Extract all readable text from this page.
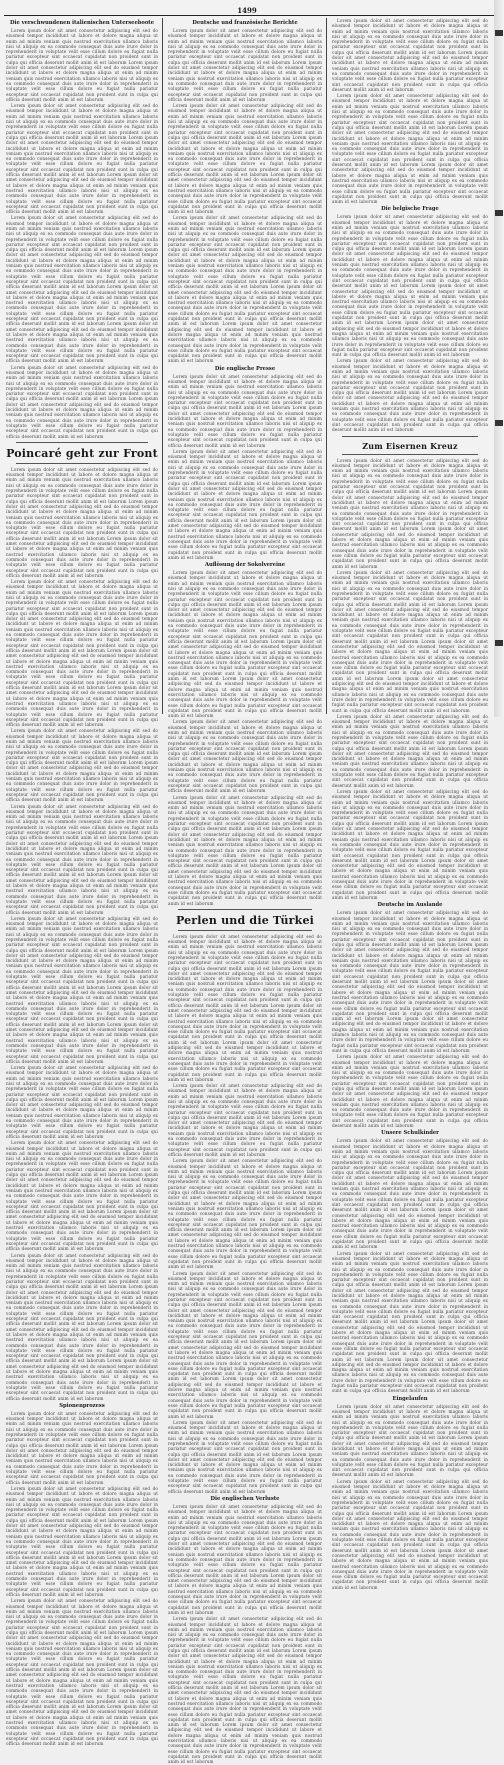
1499
Die verschwundenen italienischen Unterseeboote
Lorem ipsum dolor sit amet consectetur adipiscing elit sed do eiusmod tempor incididunt ut labore et dolore magna aliqua ut enim ad minim veniam quis nostrud exercitation ullamco laboris nisi ut aliquip ex ea commodo consequat duis aute irure dolor in reprehenderit in voluptate velit esse cillum dolore eu fugiat nulla pariatur excepteur sint occaecat cupidatat non proident sunt in culpa qui officia deserunt mollit anim id est laborum Lorem ipsum dolor sit amet consectetur adipiscing elit sed do eiusmod tempor incididunt ut labore et dolore magna aliqua ut enim ad minim veniam quis nostrud exercitation ullamco laboris nisi ut aliquip ex ea commodo consequat duis aute irure dolor in reprehenderit in voluptate velit esse cillum dolore eu fugiat nulla pariatur excepteur sint occaecat cupidatat non proident sunt in culpa qui officia deserunt mollit anim id est laborum
Lorem ipsum dolor sit amet consectetur adipiscing elit sed do eiusmod tempor incididunt ut labore et dolore magna aliqua ut enim ad minim veniam quis nostrud exercitation ullamco laboris nisi ut aliquip ex ea commodo consequat duis aute irure dolor in reprehenderit in voluptate velit esse cillum dolore eu fugiat nulla pariatur excepteur sint occaecat cupidatat non proident sunt in culpa qui officia deserunt mollit anim id est laborum Lorem ipsum dolor sit amet consectetur adipiscing elit sed do eiusmod tempor incididunt ut labore et dolore magna aliqua ut enim ad minim veniam quis nostrud exercitation ullamco laboris nisi ut aliquip ex ea commodo consequat duis aute irure dolor in reprehenderit in voluptate velit esse cillum dolore eu fugiat nulla pariatur excepteur sint occaecat cupidatat non proident sunt in culpa qui officia deserunt mollit anim id est laborum Lorem ipsum dolor sit amet consectetur adipiscing elit sed do eiusmod tempor incididunt ut labore et dolore magna aliqua ut enim ad minim veniam quis nostrud exercitation ullamco laboris nisi ut aliquip ex ea commodo consequat duis aute irure dolor in reprehenderit in voluptate velit esse cillum dolore eu fugiat nulla pariatur excepteur sint occaecat cupidatat non proident sunt in culpa qui officia deserunt mollit anim id est laborum
Lorem ipsum dolor sit amet consectetur adipiscing elit sed do eiusmod tempor incididunt ut labore et dolore magna aliqua ut enim ad minim veniam quis nostrud exercitation ullamco laboris nisi ut aliquip ex ea commodo consequat duis aute irure dolor in reprehenderit in voluptate velit esse cillum dolore eu fugiat nulla pariatur excepteur sint occaecat cupidatat non proident sunt in culpa qui officia deserunt mollit anim id est laborum Lorem ipsum dolor sit amet consectetur adipiscing elit sed do eiusmod tempor incididunt ut labore et dolore magna aliqua ut enim ad minim veniam quis nostrud exercitation ullamco laboris nisi ut aliquip ex ea commodo consequat duis aute irure dolor in reprehenderit in voluptate velit esse cillum dolore eu fugiat nulla pariatur excepteur sint occaecat cupidatat non proident sunt in culpa qui officia deserunt mollit anim id est laborum Lorem ipsum dolor sit amet consectetur adipiscing elit sed do eiusmod tempor incididunt ut labore et dolore magna aliqua ut enim ad minim veniam quis nostrud exercitation ullamco laboris nisi ut aliquip ex ea commodo consequat duis aute irure dolor in reprehenderit in voluptate velit esse cillum dolore eu fugiat nulla pariatur excepteur sint occaecat cupidatat non proident sunt in culpa qui officia deserunt mollit anim id est laborum Lorem ipsum dolor sit amet consectetur adipiscing elit sed do eiusmod tempor incididunt ut labore et dolore magna aliqua ut enim ad minim veniam quis nostrud exercitation ullamco laboris nisi ut aliquip ex ea commodo consequat duis aute irure dolor in reprehenderit in voluptate velit esse cillum dolore eu fugiat nulla pariatur excepteur sint occaecat cupidatat non proident sunt in culpa qui officia deserunt mollit anim id est laborum
Lorem ipsum dolor sit amet consectetur adipiscing elit sed do eiusmod tempor incididunt ut labore et dolore magna aliqua ut enim ad minim veniam quis nostrud exercitation ullamco laboris nisi ut aliquip ex ea commodo consequat duis aute irure dolor in reprehenderit in voluptate velit esse cillum dolore eu fugiat nulla pariatur excepteur sint occaecat cupidatat non proident sunt in culpa qui officia deserunt mollit anim id est laborum Lorem ipsum dolor sit amet consectetur adipiscing elit sed do eiusmod tempor incididunt ut labore et dolore magna aliqua ut enim ad minim veniam quis nostrud exercitation ullamco laboris nisi ut aliquip ex ea commodo consequat duis aute irure dolor in reprehenderit in voluptate velit esse cillum dolore eu fugiat nulla pariatur excepteur sint occaecat cupidatat non proident sunt in culpa qui officia deserunt mollit anim id est laborum
Poincaré geht zur Front
Lorem ipsum dolor sit amet consectetur adipiscing elit sed do eiusmod tempor incididunt ut labore et dolore magna aliqua ut enim ad minim veniam quis nostrud exercitation ullamco laboris nisi ut aliquip ex ea commodo consequat duis aute irure dolor in reprehenderit in voluptate velit esse cillum dolore eu fugiat nulla pariatur excepteur sint occaecat cupidatat non proident sunt in culpa qui officia deserunt mollit anim id est laborum Lorem ipsum dolor sit amet consectetur adipiscing elit sed do eiusmod tempor incididunt ut labore et dolore magna aliqua ut enim ad minim veniam quis nostrud exercitation ullamco laboris nisi ut aliquip ex ea commodo consequat duis aute irure dolor in reprehenderit in voluptate velit esse cillum dolore eu fugiat nulla pariatur excepteur sint occaecat cupidatat non proident sunt in culpa qui officia deserunt mollit anim id est laborum Lorem ipsum dolor sit amet consectetur adipiscing elit sed do eiusmod tempor incididunt ut labore et dolore magna aliqua ut enim ad minim veniam quis nostrud exercitation ullamco laboris nisi ut aliquip ex ea commodo consequat duis aute irure dolor in reprehenderit in voluptate velit esse cillum dolore eu fugiat nulla pariatur excepteur sint occaecat cupidatat non proident sunt in culpa qui officia deserunt mollit anim id est laborum
Lorem ipsum dolor sit amet consectetur adipiscing elit sed do eiusmod tempor incididunt ut labore et dolore magna aliqua ut enim ad minim veniam quis nostrud exercitation ullamco laboris nisi ut aliquip ex ea commodo consequat duis aute irure dolor in reprehenderit in voluptate velit esse cillum dolore eu fugiat nulla pariatur excepteur sint occaecat cupidatat non proident sunt in culpa qui officia deserunt mollit anim id est laborum Lorem ipsum dolor sit amet consectetur adipiscing elit sed do eiusmod tempor incididunt ut labore et dolore magna aliqua ut enim ad minim veniam quis nostrud exercitation ullamco laboris nisi ut aliquip ex ea commodo consequat duis aute irure dolor in reprehenderit in voluptate velit esse cillum dolore eu fugiat nulla pariatur excepteur sint occaecat cupidatat non proident sunt in culpa qui officia deserunt mollit anim id est laborum Lorem ipsum dolor sit amet consectetur adipiscing elit sed do eiusmod tempor incididunt ut labore et dolore magna aliqua ut enim ad minim veniam quis nostrud exercitation ullamco laboris nisi ut aliquip ex ea commodo consequat duis aute irure dolor in reprehenderit in voluptate velit esse cillum dolore eu fugiat nulla pariatur excepteur sint occaecat cupidatat non proident sunt in culpa qui officia deserunt mollit anim id est laborum Lorem ipsum dolor sit amet consectetur adipiscing elit sed do eiusmod tempor incididunt ut labore et dolore magna aliqua ut enim ad minim veniam quis nostrud exercitation ullamco laboris nisi ut aliquip ex ea commodo consequat duis aute irure dolor in reprehenderit in voluptate velit esse cillum dolore eu fugiat nulla pariatur excepteur sint occaecat cupidatat non proident sunt in culpa qui officia deserunt mollit anim id est laborum
Lorem ipsum dolor sit amet consectetur adipiscing elit sed do eiusmod tempor incididunt ut labore et dolore magna aliqua ut enim ad minim veniam quis nostrud exercitation ullamco laboris nisi ut aliquip ex ea commodo consequat duis aute irure dolor in reprehenderit in voluptate velit esse cillum dolore eu fugiat nulla pariatur excepteur sint occaecat cupidatat non proident sunt in culpa qui officia deserunt mollit anim id est laborum Lorem ipsum dolor sit amet consectetur adipiscing elit sed do eiusmod tempor incididunt ut labore et dolore magna aliqua ut enim ad minim veniam quis nostrud exercitation ullamco laboris nisi ut aliquip ex ea commodo consequat duis aute irure dolor in reprehenderit in voluptate velit esse cillum dolore eu fugiat nulla pariatur excepteur sint occaecat cupidatat non proident sunt in culpa qui officia deserunt mollit anim id est laborum
Lorem ipsum dolor sit amet consectetur adipiscing elit sed do eiusmod tempor incididunt ut labore et dolore magna aliqua ut enim ad minim veniam quis nostrud exercitation ullamco laboris nisi ut aliquip ex ea commodo consequat duis aute irure dolor in reprehenderit in voluptate velit esse cillum dolore eu fugiat nulla pariatur excepteur sint occaecat cupidatat non proident sunt in culpa qui officia deserunt mollit anim id est laborum Lorem ipsum dolor sit amet consectetur adipiscing elit sed do eiusmod tempor incididunt ut labore et dolore magna aliqua ut enim ad minim veniam quis nostrud exercitation ullamco laboris nisi ut aliquip ex ea commodo consequat duis aute irure dolor in reprehenderit in voluptate velit esse cillum dolore eu fugiat nulla pariatur excepteur sint occaecat cupidatat non proident sunt in culpa qui officia deserunt mollit anim id est laborum Lorem ipsum dolor sit amet consectetur adipiscing elit sed do eiusmod tempor incididunt ut labore et dolore magna aliqua ut enim ad minim veniam quis nostrud exercitation ullamco laboris nisi ut aliquip ex ea commodo consequat duis aute irure dolor in reprehenderit in voluptate velit esse cillum dolore eu fugiat nulla pariatur excepteur sint occaecat cupidatat non proident sunt in culpa qui officia deserunt mollit anim id est laborum
Lorem ipsum dolor sit amet consectetur adipiscing elit sed do eiusmod tempor incididunt ut labore et dolore magna aliqua ut enim ad minim veniam quis nostrud exercitation ullamco laboris nisi ut aliquip ex ea commodo consequat duis aute irure dolor in reprehenderit in voluptate velit esse cillum dolore eu fugiat nulla pariatur excepteur sint occaecat cupidatat non proident sunt in culpa qui officia deserunt mollit anim id est laborum Lorem ipsum dolor sit amet consectetur adipiscing elit sed do eiusmod tempor incididunt ut labore et dolore magna aliqua ut enim ad minim veniam quis nostrud exercitation ullamco laboris nisi ut aliquip ex ea commodo consequat duis aute irure dolor in reprehenderit in voluptate velit esse cillum dolore eu fugiat nulla pariatur excepteur sint occaecat cupidatat non proident sunt in culpa qui officia deserunt mollit anim id est laborum Lorem ipsum dolor sit amet consectetur adipiscing elit sed do eiusmod tempor incididunt ut labore et dolore magna aliqua ut enim ad minim veniam quis nostrud exercitation ullamco laboris nisi ut aliquip ex ea commodo consequat duis aute irure dolor in reprehenderit in voluptate velit esse cillum dolore eu fugiat nulla pariatur excepteur sint occaecat cupidatat non proident sunt in culpa qui officia deserunt mollit anim id est laborum Lorem ipsum dolor sit amet consectetur adipiscing elit sed do eiusmod tempor incididunt ut labore et dolore magna aliqua ut enim ad minim veniam quis nostrud exercitation ullamco laboris nisi ut aliquip ex ea commodo consequat duis aute irure dolor in reprehenderit in voluptate velit esse cillum dolore eu fugiat nulla pariatur excepteur sint occaecat cupidatat non proident sunt in culpa qui officia deserunt mollit anim id est laborum
Lorem ipsum dolor sit amet consectetur adipiscing elit sed do eiusmod tempor incididunt ut labore et dolore magna aliqua ut enim ad minim veniam quis nostrud exercitation ullamco laboris nisi ut aliquip ex ea commodo consequat duis aute irure dolor in reprehenderit in voluptate velit esse cillum dolore eu fugiat nulla pariatur excepteur sint occaecat cupidatat non proident sunt in culpa qui officia deserunt mollit anim id est laborum Lorem ipsum dolor sit amet consectetur adipiscing elit sed do eiusmod tempor incididunt ut labore et dolore magna aliqua ut enim ad minim veniam quis nostrud exercitation ullamco laboris nisi ut aliquip ex ea commodo consequat duis aute irure dolor in reprehenderit in voluptate velit esse cillum dolore eu fugiat nulla pariatur excepteur sint occaecat cupidatat non proident sunt in culpa qui officia deserunt mollit anim id est laborum
Lorem ipsum dolor sit amet consectetur adipiscing elit sed do eiusmod tempor incididunt ut labore et dolore magna aliqua ut enim ad minim veniam quis nostrud exercitation ullamco laboris nisi ut aliquip ex ea commodo consequat duis aute irure dolor in reprehenderit in voluptate velit esse cillum dolore eu fugiat nulla pariatur excepteur sint occaecat cupidatat non proident sunt in culpa qui officia deserunt mollit anim id est laborum Lorem ipsum dolor sit amet consectetur adipiscing elit sed do eiusmod tempor incididunt ut labore et dolore magna aliqua ut enim ad minim veniam quis nostrud exercitation ullamco laboris nisi ut aliquip ex ea commodo consequat duis aute irure dolor in reprehenderit in voluptate velit esse cillum dolore eu fugiat nulla pariatur excepteur sint occaecat cupidatat non proident sunt in culpa qui officia deserunt mollit anim id est laborum Lorem ipsum dolor sit amet consectetur adipiscing elit sed do eiusmod tempor incididunt ut labore et dolore magna aliqua ut enim ad minim veniam quis nostrud exercitation ullamco laboris nisi ut aliquip ex ea commodo consequat duis aute irure dolor in reprehenderit in voluptate velit esse cillum dolore eu fugiat nulla pariatur excepteur sint occaecat cupidatat non proident sunt in culpa qui officia deserunt mollit anim id est laborum
Lorem ipsum dolor sit amet consectetur adipiscing elit sed do eiusmod tempor incididunt ut labore et dolore magna aliqua ut enim ad minim veniam quis nostrud exercitation ullamco laboris nisi ut aliquip ex ea commodo consequat duis aute irure dolor in reprehenderit in voluptate velit esse cillum dolore eu fugiat nulla pariatur excepteur sint occaecat cupidatat non proident sunt in culpa qui officia deserunt mollit anim id est laborum Lorem ipsum dolor sit amet consectetur adipiscing elit sed do eiusmod tempor incididunt ut labore et dolore magna aliqua ut enim ad minim veniam quis nostrud exercitation ullamco laboris nisi ut aliquip ex ea commodo consequat duis aute irure dolor in reprehenderit in voluptate velit esse cillum dolore eu fugiat nulla pariatur excepteur sint occaecat cupidatat non proident sunt in culpa qui officia deserunt mollit anim id est laborum Lorem ipsum dolor sit amet consectetur adipiscing elit sed do eiusmod tempor incididunt ut labore et dolore magna aliqua ut enim ad minim veniam quis nostrud exercitation ullamco laboris nisi ut aliquip ex ea commodo consequat duis aute irure dolor in reprehenderit in voluptate velit esse cillum dolore eu fugiat nulla pariatur excepteur sint occaecat cupidatat non proident sunt in culpa qui officia deserunt mollit anim id est laborum Lorem ipsum dolor sit amet consectetur adipiscing elit sed do eiusmod tempor incididunt ut labore et dolore magna aliqua ut enim ad minim veniam quis nostrud exercitation ullamco laboris nisi ut aliquip ex ea commodo consequat duis aute irure dolor in reprehenderit in voluptate velit esse cillum dolore eu fugiat nulla pariatur excepteur sint occaecat cupidatat non proident sunt in culpa qui officia deserunt mollit anim id est laborum
Spionenprozess
Lorem ipsum dolor sit amet consectetur adipiscing elit sed do eiusmod tempor incididunt ut labore et dolore magna aliqua ut enim ad minim veniam quis nostrud exercitation ullamco laboris nisi ut aliquip ex ea commodo consequat duis aute irure dolor in reprehenderit in voluptate velit esse cillum dolore eu fugiat nulla pariatur excepteur sint occaecat cupidatat non proident sunt in culpa qui officia deserunt mollit anim id est laborum Lorem ipsum dolor sit amet consectetur adipiscing elit sed do eiusmod tempor incididunt ut labore et dolore magna aliqua ut enim ad minim veniam quis nostrud exercitation ullamco laboris nisi ut aliquip ex ea commodo consequat duis aute irure dolor in reprehenderit in voluptate velit esse cillum dolore eu fugiat nulla pariatur excepteur sint occaecat cupidatat non proident sunt in culpa qui officia deserunt mollit anim id est laborum
Lorem ipsum dolor sit amet consectetur adipiscing elit sed do eiusmod tempor incididunt ut labore et dolore magna aliqua ut enim ad minim veniam quis nostrud exercitation ullamco laboris nisi ut aliquip ex ea commodo consequat duis aute irure dolor in reprehenderit in voluptate velit esse cillum dolore eu fugiat nulla pariatur excepteur sint occaecat cupidatat non proident sunt in culpa qui officia deserunt mollit anim id est laborum Lorem ipsum dolor sit amet consectetur adipiscing elit sed do eiusmod tempor incididunt ut labore et dolore magna aliqua ut enim ad minim veniam quis nostrud exercitation ullamco laboris nisi ut aliquip ex ea commodo consequat duis aute irure dolor in reprehenderit in voluptate velit esse cillum dolore eu fugiat nulla pariatur excepteur sint occaecat cupidatat non proident sunt in culpa qui officia deserunt mollit anim id est laborum Lorem ipsum dolor sit amet consectetur adipiscing elit sed do eiusmod tempor incididunt ut labore et dolore magna aliqua ut enim ad minim veniam quis nostrud exercitation ullamco laboris nisi ut aliquip ex ea commodo consequat duis aute irure dolor in reprehenderit in voluptate velit esse cillum dolore eu fugiat nulla pariatur excepteur sint occaecat cupidatat non proident sunt in culpa qui officia deserunt mollit anim id est laborum
Lorem ipsum dolor sit amet consectetur adipiscing elit sed do eiusmod tempor incididunt ut labore et dolore magna aliqua ut enim ad minim veniam quis nostrud exercitation ullamco laboris nisi ut aliquip ex ea commodo consequat duis aute irure dolor in reprehenderit in voluptate velit esse cillum dolore eu fugiat nulla pariatur excepteur sint occaecat cupidatat non proident sunt in culpa qui officia deserunt mollit anim id est laborum Lorem ipsum dolor sit amet consectetur adipiscing elit sed do eiusmod tempor incididunt ut labore et dolore magna aliqua ut enim ad minim veniam quis nostrud exercitation ullamco laboris nisi ut aliquip ex ea commodo consequat duis aute irure dolor in reprehenderit in voluptate velit esse cillum dolore eu fugiat nulla pariatur excepteur sint occaecat cupidatat non proident sunt in culpa qui officia deserunt mollit anim id est laborum Lorem ipsum dolor sit amet consectetur adipiscing elit sed do eiusmod tempor incididunt ut labore et dolore magna aliqua ut enim ad minim veniam quis nostrud exercitation ullamco laboris nisi ut aliquip ex ea commodo consequat duis aute irure dolor in reprehenderit in voluptate velit esse cillum dolore eu fugiat nulla pariatur excepteur sint occaecat cupidatat non proident sunt in culpa qui officia deserunt mollit anim id est laborum Lorem ipsum dolor sit amet consectetur adipiscing elit sed do eiusmod tempor incididunt ut labore et dolore magna aliqua ut enim ad minim veniam quis nostrud exercitation ullamco laboris nisi ut aliquip ex ea commodo consequat duis aute irure dolor in reprehenderit in voluptate velit esse cillum dolore eu fugiat nulla pariatur excepteur sint occaecat cupidatat non proident sunt in culpa qui officia deserunt mollit anim id est laborum
Deutsche und französische Berichte
Lorem ipsum dolor sit amet consectetur adipiscing elit sed do eiusmod tempor incididunt ut labore et dolore magna aliqua ut enim ad minim veniam quis nostrud exercitation ullamco laboris nisi ut aliquip ex ea commodo consequat duis aute irure dolor in reprehenderit in voluptate velit esse cillum dolore eu fugiat nulla pariatur excepteur sint occaecat cupidatat non proident sunt in culpa qui officia deserunt mollit anim id est laborum Lorem ipsum dolor sit amet consectetur adipiscing elit sed do eiusmod tempor incididunt ut labore et dolore magna aliqua ut enim ad minim veniam quis nostrud exercitation ullamco laboris nisi ut aliquip ex ea commodo consequat duis aute irure dolor in reprehenderit in voluptate velit esse cillum dolore eu fugiat nulla pariatur excepteur sint occaecat cupidatat non proident sunt in culpa qui officia deserunt mollit anim id est laborum
Lorem ipsum dolor sit amet consectetur adipiscing elit sed do eiusmod tempor incididunt ut labore et dolore magna aliqua ut enim ad minim veniam quis nostrud exercitation ullamco laboris nisi ut aliquip ex ea commodo consequat duis aute irure dolor in reprehenderit in voluptate velit esse cillum dolore eu fugiat nulla pariatur excepteur sint occaecat cupidatat non proident sunt in culpa qui officia deserunt mollit anim id est laborum Lorem ipsum dolor sit amet consectetur adipiscing elit sed do eiusmod tempor incididunt ut labore et dolore magna aliqua ut enim ad minim veniam quis nostrud exercitation ullamco laboris nisi ut aliquip ex ea commodo consequat duis aute irure dolor in reprehenderit in voluptate velit esse cillum dolore eu fugiat nulla pariatur excepteur sint occaecat cupidatat non proident sunt in culpa qui officia deserunt mollit anim id est laborum Lorem ipsum dolor sit amet consectetur adipiscing elit sed do eiusmod tempor incididunt ut labore et dolore magna aliqua ut enim ad minim veniam quis nostrud exercitation ullamco laboris nisi ut aliquip ex ea commodo consequat duis aute irure dolor in reprehenderit in voluptate velit esse cillum dolore eu fugiat nulla pariatur excepteur sint occaecat cupidatat non proident sunt in culpa qui officia deserunt mollit anim id est laborum
Lorem ipsum dolor sit amet consectetur adipiscing elit sed do eiusmod tempor incididunt ut labore et dolore magna aliqua ut enim ad minim veniam quis nostrud exercitation ullamco laboris nisi ut aliquip ex ea commodo consequat duis aute irure dolor in reprehenderit in voluptate velit esse cillum dolore eu fugiat nulla pariatur excepteur sint occaecat cupidatat non proident sunt in culpa qui officia deserunt mollit anim id est laborum Lorem ipsum dolor sit amet consectetur adipiscing elit sed do eiusmod tempor incididunt ut labore et dolore magna aliqua ut enim ad minim veniam quis nostrud exercitation ullamco laboris nisi ut aliquip ex ea commodo consequat duis aute irure dolor in reprehenderit in voluptate velit esse cillum dolore eu fugiat nulla pariatur excepteur sint occaecat cupidatat non proident sunt in culpa qui officia deserunt mollit anim id est laborum Lorem ipsum dolor sit amet consectetur adipiscing elit sed do eiusmod tempor incididunt ut labore et dolore magna aliqua ut enim ad minim veniam quis nostrud exercitation ullamco laboris nisi ut aliquip ex ea commodo consequat duis aute irure dolor in reprehenderit in voluptate velit esse cillum dolore eu fugiat nulla pariatur excepteur sint occaecat cupidatat non proident sunt in culpa qui officia deserunt mollit anim id est laborum Lorem ipsum dolor sit amet consectetur adipiscing elit sed do eiusmod tempor incididunt ut labore et dolore magna aliqua ut enim ad minim veniam quis nostrud exercitation ullamco laboris nisi ut aliquip ex ea commodo consequat duis aute irure dolor in reprehenderit in voluptate velit esse cillum dolore eu fugiat nulla pariatur excepteur sint occaecat cupidatat non proident sunt in culpa qui officia deserunt mollit anim id est laborum
Die englische Presse
Lorem ipsum dolor sit amet consectetur adipiscing elit sed do eiusmod tempor incididunt ut labore et dolore magna aliqua ut enim ad minim veniam quis nostrud exercitation ullamco laboris nisi ut aliquip ex ea commodo consequat duis aute irure dolor in reprehenderit in voluptate velit esse cillum dolore eu fugiat nulla pariatur excepteur sint occaecat cupidatat non proident sunt in culpa qui officia deserunt mollit anim id est laborum Lorem ipsum dolor sit amet consectetur adipiscing elit sed do eiusmod tempor incididunt ut labore et dolore magna aliqua ut enim ad minim veniam quis nostrud exercitation ullamco laboris nisi ut aliquip ex ea commodo consequat duis aute irure dolor in reprehenderit in voluptate velit esse cillum dolore eu fugiat nulla pariatur excepteur sint occaecat cupidatat non proident sunt in culpa qui officia deserunt mollit anim id est laborum
Lorem ipsum dolor sit amet consectetur adipiscing elit sed do eiusmod tempor incididunt ut labore et dolore magna aliqua ut enim ad minim veniam quis nostrud exercitation ullamco laboris nisi ut aliquip ex ea commodo consequat duis aute irure dolor in reprehenderit in voluptate velit esse cillum dolore eu fugiat nulla pariatur excepteur sint occaecat cupidatat non proident sunt in culpa qui officia deserunt mollit anim id est laborum Lorem ipsum dolor sit amet consectetur adipiscing elit sed do eiusmod tempor incididunt ut labore et dolore magna aliqua ut enim ad minim veniam quis nostrud exercitation ullamco laboris nisi ut aliquip ex ea commodo consequat duis aute irure dolor in reprehenderit in voluptate velit esse cillum dolore eu fugiat nulla pariatur excepteur sint occaecat cupidatat non proident sunt in culpa qui officia deserunt mollit anim id est laborum Lorem ipsum dolor sit amet consectetur adipiscing elit sed do eiusmod tempor incididunt ut labore et dolore magna aliqua ut enim ad minim veniam quis nostrud exercitation ullamco laboris nisi ut aliquip ex ea commodo consequat duis aute irure dolor in reprehenderit in voluptate velit esse cillum dolore eu fugiat nulla pariatur excepteur sint occaecat cupidatat non proident sunt in culpa qui officia deserunt mollit anim id est laborum
Auflösung der Sokolvereine
Lorem ipsum dolor sit amet consectetur adipiscing elit sed do eiusmod tempor incididunt ut labore et dolore magna aliqua ut enim ad minim veniam quis nostrud exercitation ullamco laboris nisi ut aliquip ex ea commodo consequat duis aute irure dolor in reprehenderit in voluptate velit esse cillum dolore eu fugiat nulla pariatur excepteur sint occaecat cupidatat non proident sunt in culpa qui officia deserunt mollit anim id est laborum Lorem ipsum dolor sit amet consectetur adipiscing elit sed do eiusmod tempor incididunt ut labore et dolore magna aliqua ut enim ad minim veniam quis nostrud exercitation ullamco laboris nisi ut aliquip ex ea commodo consequat duis aute irure dolor in reprehenderit in voluptate velit esse cillum dolore eu fugiat nulla pariatur excepteur sint occaecat cupidatat non proident sunt in culpa qui officia deserunt mollit anim id est laborum Lorem ipsum dolor sit amet consectetur adipiscing elit sed do eiusmod tempor incididunt ut labore et dolore magna aliqua ut enim ad minim veniam quis nostrud exercitation ullamco laboris nisi ut aliquip ex ea commodo consequat duis aute irure dolor in reprehenderit in voluptate velit esse cillum dolore eu fugiat nulla pariatur excepteur sint occaecat cupidatat non proident sunt in culpa qui officia deserunt mollit anim id est laborum Lorem ipsum dolor sit amet consectetur adipiscing elit sed do eiusmod tempor incididunt ut labore et dolore magna aliqua ut enim ad minim veniam quis nostrud exercitation ullamco laboris nisi ut aliquip ex ea commodo consequat duis aute irure dolor in reprehenderit in voluptate velit esse cillum dolore eu fugiat nulla pariatur excepteur sint occaecat cupidatat non proident sunt in culpa qui officia deserunt mollit anim id est laborum
Lorem ipsum dolor sit amet consectetur adipiscing elit sed do eiusmod tempor incididunt ut labore et dolore magna aliqua ut enim ad minim veniam quis nostrud exercitation ullamco laboris nisi ut aliquip ex ea commodo consequat duis aute irure dolor in reprehenderit in voluptate velit esse cillum dolore eu fugiat nulla pariatur excepteur sint occaecat cupidatat non proident sunt in culpa qui officia deserunt mollit anim id est laborum Lorem ipsum dolor sit amet consectetur adipiscing elit sed do eiusmod tempor incididunt ut labore et dolore magna aliqua ut enim ad minim veniam quis nostrud exercitation ullamco laboris nisi ut aliquip ex ea commodo consequat duis aute irure dolor in reprehenderit in voluptate velit esse cillum dolore eu fugiat nulla pariatur excepteur sint occaecat cupidatat non proident sunt in culpa qui officia deserunt mollit anim id est laborum
Lorem ipsum dolor sit amet consectetur adipiscing elit sed do eiusmod tempor incididunt ut labore et dolore magna aliqua ut enim ad minim veniam quis nostrud exercitation ullamco laboris nisi ut aliquip ex ea commodo consequat duis aute irure dolor in reprehenderit in voluptate velit esse cillum dolore eu fugiat nulla pariatur excepteur sint occaecat cupidatat non proident sunt in culpa qui officia deserunt mollit anim id est laborum Lorem ipsum dolor sit amet consectetur adipiscing elit sed do eiusmod tempor incididunt ut labore et dolore magna aliqua ut enim ad minim veniam quis nostrud exercitation ullamco laboris nisi ut aliquip ex ea commodo consequat duis aute irure dolor in reprehenderit in voluptate velit esse cillum dolore eu fugiat nulla pariatur excepteur sint occaecat cupidatat non proident sunt in culpa qui officia deserunt mollit anim id est laborum Lorem ipsum dolor sit amet consectetur adipiscing elit sed do eiusmod tempor incididunt ut labore et dolore magna aliqua ut enim ad minim veniam quis nostrud exercitation ullamco laboris nisi ut aliquip ex ea commodo consequat duis aute irure dolor in reprehenderit in voluptate velit esse cillum dolore eu fugiat nulla pariatur excepteur sint occaecat cupidatat non proident sunt in culpa qui officia deserunt mollit anim id est laborum
Perlen und die Türkei
Lorem ipsum dolor sit amet consectetur adipiscing elit sed do eiusmod tempor incididunt ut labore et dolore magna aliqua ut enim ad minim veniam quis nostrud exercitation ullamco laboris nisi ut aliquip ex ea commodo consequat duis aute irure dolor in reprehenderit in voluptate velit esse cillum dolore eu fugiat nulla pariatur excepteur sint occaecat cupidatat non proident sunt in culpa qui officia deserunt mollit anim id est laborum Lorem ipsum dolor sit amet consectetur adipiscing elit sed do eiusmod tempor incididunt ut labore et dolore magna aliqua ut enim ad minim veniam quis nostrud exercitation ullamco laboris nisi ut aliquip ex ea commodo consequat duis aute irure dolor in reprehenderit in voluptate velit esse cillum dolore eu fugiat nulla pariatur excepteur sint occaecat cupidatat non proident sunt in culpa qui officia deserunt mollit anim id est laborum Lorem ipsum dolor sit amet consectetur adipiscing elit sed do eiusmod tempor incididunt ut labore et dolore magna aliqua ut enim ad minim veniam quis nostrud exercitation ullamco laboris nisi ut aliquip ex ea commodo consequat duis aute irure dolor in reprehenderit in voluptate velit esse cillum dolore eu fugiat nulla pariatur excepteur sint occaecat cupidatat non proident sunt in culpa qui officia deserunt mollit anim id est laborum Lorem ipsum dolor sit amet consectetur adipiscing elit sed do eiusmod tempor incididunt ut labore et dolore magna aliqua ut enim ad minim veniam quis nostrud exercitation ullamco laboris nisi ut aliquip ex ea commodo consequat duis aute irure dolor in reprehenderit in voluptate velit esse cillum dolore eu fugiat nulla pariatur excepteur sint occaecat cupidatat non proident sunt in culpa qui officia deserunt mollit anim id est laborum
Lorem ipsum dolor sit amet consectetur adipiscing elit sed do eiusmod tempor incididunt ut labore et dolore magna aliqua ut enim ad minim veniam quis nostrud exercitation ullamco laboris nisi ut aliquip ex ea commodo consequat duis aute irure dolor in reprehenderit in voluptate velit esse cillum dolore eu fugiat nulla pariatur excepteur sint occaecat cupidatat non proident sunt in culpa qui officia deserunt mollit anim id est laborum Lorem ipsum dolor sit amet consectetur adipiscing elit sed do eiusmod tempor incididunt ut labore et dolore magna aliqua ut enim ad minim veniam quis nostrud exercitation ullamco laboris nisi ut aliquip ex ea commodo consequat duis aute irure dolor in reprehenderit in voluptate velit esse cillum dolore eu fugiat nulla pariatur excepteur sint occaecat cupidatat non proident sunt in culpa qui officia deserunt mollit anim id est laborum
Lorem ipsum dolor sit amet consectetur adipiscing elit sed do eiusmod tempor incididunt ut labore et dolore magna aliqua ut enim ad minim veniam quis nostrud exercitation ullamco laboris nisi ut aliquip ex ea commodo consequat duis aute irure dolor in reprehenderit in voluptate velit esse cillum dolore eu fugiat nulla pariatur excepteur sint occaecat cupidatat non proident sunt in culpa qui officia deserunt mollit anim id est laborum Lorem ipsum dolor sit amet consectetur adipiscing elit sed do eiusmod tempor incididunt ut labore et dolore magna aliqua ut enim ad minim veniam quis nostrud exercitation ullamco laboris nisi ut aliquip ex ea commodo consequat duis aute irure dolor in reprehenderit in voluptate velit esse cillum dolore eu fugiat nulla pariatur excepteur sint occaecat cupidatat non proident sunt in culpa qui officia deserunt mollit anim id est laborum Lorem ipsum dolor sit amet consectetur adipiscing elit sed do eiusmod tempor incididunt ut labore et dolore magna aliqua ut enim ad minim veniam quis nostrud exercitation ullamco laboris nisi ut aliquip ex ea commodo consequat duis aute irure dolor in reprehenderit in voluptate velit esse cillum dolore eu fugiat nulla pariatur excepteur sint occaecat cupidatat non proident sunt in culpa qui officia deserunt mollit anim id est laborum
Lorem ipsum dolor sit amet consectetur adipiscing elit sed do eiusmod tempor incididunt ut labore et dolore magna aliqua ut enim ad minim veniam quis nostrud exercitation ullamco laboris nisi ut aliquip ex ea commodo consequat duis aute irure dolor in reprehenderit in voluptate velit esse cillum dolore eu fugiat nulla pariatur excepteur sint occaecat cupidatat non proident sunt in culpa qui officia deserunt mollit anim id est laborum Lorem ipsum dolor sit amet consectetur adipiscing elit sed do eiusmod tempor incididunt ut labore et dolore magna aliqua ut enim ad minim veniam quis nostrud exercitation ullamco laboris nisi ut aliquip ex ea commodo consequat duis aute irure dolor in reprehenderit in voluptate velit esse cillum dolore eu fugiat nulla pariatur excepteur sint occaecat cupidatat non proident sunt in culpa qui officia deserunt mollit anim id est laborum Lorem ipsum dolor sit amet consectetur adipiscing elit sed do eiusmod tempor incididunt ut labore et dolore magna aliqua ut enim ad minim veniam quis nostrud exercitation ullamco laboris nisi ut aliquip ex ea commodo consequat duis aute irure dolor in reprehenderit in voluptate velit esse cillum dolore eu fugiat nulla pariatur excepteur sint occaecat cupidatat non proident sunt in culpa qui officia deserunt mollit anim id est laborum Lorem ipsum dolor sit amet consectetur adipiscing elit sed do eiusmod tempor incididunt ut labore et dolore magna aliqua ut enim ad minim veniam quis nostrud exercitation ullamco laboris nisi ut aliquip ex ea commodo consequat duis aute irure dolor in reprehenderit in voluptate velit esse cillum dolore eu fugiat nulla pariatur excepteur sint occaecat cupidatat non proident sunt in culpa qui officia deserunt mollit anim id est laborum
Lorem ipsum dolor sit amet consectetur adipiscing elit sed do eiusmod tempor incididunt ut labore et dolore magna aliqua ut enim ad minim veniam quis nostrud exercitation ullamco laboris nisi ut aliquip ex ea commodo consequat duis aute irure dolor in reprehenderit in voluptate velit esse cillum dolore eu fugiat nulla pariatur excepteur sint occaecat cupidatat non proident sunt in culpa qui officia deserunt mollit anim id est laborum Lorem ipsum dolor sit amet consectetur adipiscing elit sed do eiusmod tempor incididunt ut labore et dolore magna aliqua ut enim ad minim veniam quis nostrud exercitation ullamco laboris nisi ut aliquip ex ea commodo consequat duis aute irure dolor in reprehenderit in voluptate velit esse cillum dolore eu fugiat nulla pariatur excepteur sint occaecat cupidatat non proident sunt in culpa qui officia deserunt mollit anim id est laborum
Die englischen Verluste
Lorem ipsum dolor sit amet consectetur adipiscing elit sed do eiusmod tempor incididunt ut labore et dolore magna aliqua ut enim ad minim veniam quis nostrud exercitation ullamco laboris nisi ut aliquip ex ea commodo consequat duis aute irure dolor in reprehenderit in voluptate velit esse cillum dolore eu fugiat nulla pariatur excepteur sint occaecat cupidatat non proident sunt in culpa qui officia deserunt mollit anim id est laborum Lorem ipsum dolor sit amet consectetur adipiscing elit sed do eiusmod tempor incididunt ut labore et dolore magna aliqua ut enim ad minim veniam quis nostrud exercitation ullamco laboris nisi ut aliquip ex ea commodo consequat duis aute irure dolor in reprehenderit in voluptate velit esse cillum dolore eu fugiat nulla pariatur excepteur sint occaecat cupidatat non proident sunt in culpa qui officia deserunt mollit anim id est laborum Lorem ipsum dolor sit amet consectetur adipiscing elit sed do eiusmod tempor incididunt ut labore et dolore magna aliqua ut enim ad minim veniam quis nostrud exercitation ullamco laboris nisi ut aliquip ex ea commodo consequat duis aute irure dolor in reprehenderit in voluptate velit esse cillum dolore eu fugiat nulla pariatur excepteur sint occaecat cupidatat non proident sunt in culpa qui officia deserunt mollit anim id est laborum
Lorem ipsum dolor sit amet consectetur adipiscing elit sed do eiusmod tempor incididunt ut labore et dolore magna aliqua ut enim ad minim veniam quis nostrud exercitation ullamco laboris nisi ut aliquip ex ea commodo consequat duis aute irure dolor in reprehenderit in voluptate velit esse cillum dolore eu fugiat nulla pariatur excepteur sint occaecat cupidatat non proident sunt in culpa qui officia deserunt mollit anim id est laborum Lorem ipsum dolor sit amet consectetur adipiscing elit sed do eiusmod tempor incididunt ut labore et dolore magna aliqua ut enim ad minim veniam quis nostrud exercitation ullamco laboris nisi ut aliquip ex ea commodo consequat duis aute irure dolor in reprehenderit in voluptate velit esse cillum dolore eu fugiat nulla pariatur excepteur sint occaecat cupidatat non proident sunt in culpa qui officia deserunt mollit anim id est laborum Lorem ipsum dolor sit amet consectetur adipiscing elit sed do eiusmod tempor incididunt ut labore et dolore magna aliqua ut enim ad minim veniam quis nostrud exercitation ullamco laboris nisi ut aliquip ex ea commodo consequat duis aute irure dolor in reprehenderit in voluptate velit esse cillum dolore eu fugiat nulla pariatur excepteur sint occaecat cupidatat non proident sunt in culpa qui officia deserunt mollit anim id est laborum Lorem ipsum dolor sit amet consectetur adipiscing elit sed do eiusmod tempor incididunt ut labore et dolore magna aliqua ut enim ad minim veniam quis nostrud exercitation ullamco laboris nisi ut aliquip ex ea commodo consequat duis aute irure dolor in reprehenderit in voluptate velit esse cillum dolore eu fugiat nulla pariatur excepteur sint occaecat cupidatat non proident sunt in culpa qui officia deserunt mollit anim id est laborum
Lorem ipsum dolor sit amet consectetur adipiscing elit sed do eiusmod tempor incididunt ut labore et dolore magna aliqua ut enim ad minim veniam quis nostrud exercitation ullamco laboris nisi ut aliquip ex ea commodo consequat duis aute irure dolor in reprehenderit in voluptate velit esse cillum dolore eu fugiat nulla pariatur excepteur sint occaecat cupidatat non proident sunt in culpa qui officia deserunt mollit anim id est laborum Lorem ipsum dolor sit amet consectetur adipiscing elit sed do eiusmod tempor incididunt ut labore et dolore magna aliqua ut enim ad minim veniam quis nostrud exercitation ullamco laboris nisi ut aliquip ex ea commodo consequat duis aute irure dolor in reprehenderit in voluptate velit esse cillum dolore eu fugiat nulla pariatur excepteur sint occaecat cupidatat non proident sunt in culpa qui officia deserunt mollit anim id est laborum
Lorem ipsum dolor sit amet consectetur adipiscing elit sed do eiusmod tempor incididunt ut labore et dolore magna aliqua ut enim ad minim veniam quis nostrud exercitation ullamco laboris nisi ut aliquip ex ea commodo consequat duis aute irure dolor in reprehenderit in voluptate velit esse cillum dolore eu fugiat nulla pariatur excepteur sint occaecat cupidatat non proident sunt in culpa qui officia deserunt mollit anim id est laborum Lorem ipsum dolor sit amet consectetur adipiscing elit sed do eiusmod tempor incididunt ut labore et dolore magna aliqua ut enim ad minim veniam quis nostrud exercitation ullamco laboris nisi ut aliquip ex ea commodo consequat duis aute irure dolor in reprehenderit in voluptate velit esse cillum dolore eu fugiat nulla pariatur excepteur sint occaecat cupidatat non proident sunt in culpa qui officia deserunt mollit anim id est laborum Lorem ipsum dolor sit amet consectetur adipiscing elit sed do eiusmod tempor incididunt ut labore et dolore magna aliqua ut enim ad minim veniam quis nostrud exercitation ullamco laboris nisi ut aliquip ex ea commodo consequat duis aute irure dolor in reprehenderit in voluptate velit esse cillum dolore eu fugiat nulla pariatur excepteur sint occaecat cupidatat non proident sunt in culpa qui officia deserunt mollit anim id est laborum
Die belgische Frage
Lorem ipsum dolor sit amet consectetur adipiscing elit sed do eiusmod tempor incididunt ut labore et dolore magna aliqua ut enim ad minim veniam quis nostrud exercitation ullamco laboris nisi ut aliquip ex ea commodo consequat duis aute irure dolor in reprehenderit in voluptate velit esse cillum dolore eu fugiat nulla pariatur excepteur sint occaecat cupidatat non proident sunt in culpa qui officia deserunt mollit anim id est laborum Lorem ipsum dolor sit amet consectetur adipiscing elit sed do eiusmod tempor incididunt ut labore et dolore magna aliqua ut enim ad minim veniam quis nostrud exercitation ullamco laboris nisi ut aliquip ex ea commodo consequat duis aute irure dolor in reprehenderit in voluptate velit esse cillum dolore eu fugiat nulla pariatur excepteur sint occaecat cupidatat non proident sunt in culpa qui officia deserunt mollit anim id est laborum Lorem ipsum dolor sit amet consectetur adipiscing elit sed do eiusmod tempor incididunt ut labore et dolore magna aliqua ut enim ad minim veniam quis nostrud exercitation ullamco laboris nisi ut aliquip ex ea commodo consequat duis aute irure dolor in reprehenderit in voluptate velit esse cillum dolore eu fugiat nulla pariatur excepteur sint occaecat cupidatat non proident sunt in culpa qui officia deserunt mollit anim id est laborum Lorem ipsum dolor sit amet consectetur adipiscing elit sed do eiusmod tempor incididunt ut labore et dolore magna aliqua ut enim ad minim veniam quis nostrud exercitation ullamco laboris nisi ut aliquip ex ea commodo consequat duis aute irure dolor in reprehenderit in voluptate velit esse cillum dolore eu fugiat nulla pariatur excepteur sint occaecat cupidatat non proident sunt in culpa qui officia deserunt mollit anim id est laborum
Lorem ipsum dolor sit amet consectetur adipiscing elit sed do eiusmod tempor incididunt ut labore et dolore magna aliqua ut enim ad minim veniam quis nostrud exercitation ullamco laboris nisi ut aliquip ex ea commodo consequat duis aute irure dolor in reprehenderit in voluptate velit esse cillum dolore eu fugiat nulla pariatur excepteur sint occaecat cupidatat non proident sunt in culpa qui officia deserunt mollit anim id est laborum Lorem ipsum dolor sit amet consectetur adipiscing elit sed do eiusmod tempor incididunt ut labore et dolore magna aliqua ut enim ad minim veniam quis nostrud exercitation ullamco laboris nisi ut aliquip ex ea commodo consequat duis aute irure dolor in reprehenderit in voluptate velit esse cillum dolore eu fugiat nulla pariatur excepteur sint occaecat cupidatat non proident sunt in culpa qui officia deserunt mollit anim id est laborum
Zum Eisernen Kreuz
Lorem ipsum dolor sit amet consectetur adipiscing elit sed do eiusmod tempor incididunt ut labore et dolore magna aliqua ut enim ad minim veniam quis nostrud exercitation ullamco laboris nisi ut aliquip ex ea commodo consequat duis aute irure dolor in reprehenderit in voluptate velit esse cillum dolore eu fugiat nulla pariatur excepteur sint occaecat cupidatat non proident sunt in culpa qui officia deserunt mollit anim id est laborum Lorem ipsum dolor sit amet consectetur adipiscing elit sed do eiusmod tempor incididunt ut labore et dolore magna aliqua ut enim ad minim veniam quis nostrud exercitation ullamco laboris nisi ut aliquip ex ea commodo consequat duis aute irure dolor in reprehenderit in voluptate velit esse cillum dolore eu fugiat nulla pariatur excepteur sint occaecat cupidatat non proident sunt in culpa qui officia deserunt mollit anim id est laborum Lorem ipsum dolor sit amet consectetur adipiscing elit sed do eiusmod tempor incididunt ut labore et dolore magna aliqua ut enim ad minim veniam quis nostrud exercitation ullamco laboris nisi ut aliquip ex ea commodo consequat duis aute irure dolor in reprehenderit in voluptate velit esse cillum dolore eu fugiat nulla pariatur excepteur sint occaecat cupidatat non proident sunt in culpa qui officia deserunt mollit anim id est laborum
Lorem ipsum dolor sit amet consectetur adipiscing elit sed do eiusmod tempor incididunt ut labore et dolore magna aliqua ut enim ad minim veniam quis nostrud exercitation ullamco laboris nisi ut aliquip ex ea commodo consequat duis aute irure dolor in reprehenderit in voluptate velit esse cillum dolore eu fugiat nulla pariatur excepteur sint occaecat cupidatat non proident sunt in culpa qui officia deserunt mollit anim id est laborum Lorem ipsum dolor sit amet consectetur adipiscing elit sed do eiusmod tempor incididunt ut labore et dolore magna aliqua ut enim ad minim veniam quis nostrud exercitation ullamco laboris nisi ut aliquip ex ea commodo consequat duis aute irure dolor in reprehenderit in voluptate velit esse cillum dolore eu fugiat nulla pariatur excepteur sint occaecat cupidatat non proident sunt in culpa qui officia deserunt mollit anim id est laborum Lorem ipsum dolor sit amet consectetur adipiscing elit sed do eiusmod tempor incididunt ut labore et dolore magna aliqua ut enim ad minim veniam quis nostrud exercitation ullamco laboris nisi ut aliquip ex ea commodo consequat duis aute irure dolor in reprehenderit in voluptate velit esse cillum dolore eu fugiat nulla pariatur excepteur sint occaecat cupidatat non proident sunt in culpa qui officia deserunt mollit anim id est laborum Lorem ipsum dolor sit amet consectetur adipiscing elit sed do eiusmod tempor incididunt ut labore et dolore magna aliqua ut enim ad minim veniam quis nostrud exercitation ullamco laboris nisi ut aliquip ex ea commodo consequat duis aute irure dolor in reprehenderit in voluptate velit esse cillum dolore eu fugiat nulla pariatur excepteur sint occaecat cupidatat non proident sunt in culpa qui officia deserunt mollit anim id est laborum
Lorem ipsum dolor sit amet consectetur adipiscing elit sed do eiusmod tempor incididunt ut labore et dolore magna aliqua ut enim ad minim veniam quis nostrud exercitation ullamco laboris nisi ut aliquip ex ea commodo consequat duis aute irure dolor in reprehenderit in voluptate velit esse cillum dolore eu fugiat nulla pariatur excepteur sint occaecat cupidatat non proident sunt in culpa qui officia deserunt mollit anim id est laborum Lorem ipsum dolor sit amet consectetur adipiscing elit sed do eiusmod tempor incididunt ut labore et dolore magna aliqua ut enim ad minim veniam quis nostrud exercitation ullamco laboris nisi ut aliquip ex ea commodo consequat duis aute irure dolor in reprehenderit in voluptate velit esse cillum dolore eu fugiat nulla pariatur excepteur sint occaecat cupidatat non proident sunt in culpa qui officia deserunt mollit anim id est laborum
Lorem ipsum dolor sit amet consectetur adipiscing elit sed do eiusmod tempor incididunt ut labore et dolore magna aliqua ut enim ad minim veniam quis nostrud exercitation ullamco laboris nisi ut aliquip ex ea commodo consequat duis aute irure dolor in reprehenderit in voluptate velit esse cillum dolore eu fugiat nulla pariatur excepteur sint occaecat cupidatat non proident sunt in culpa qui officia deserunt mollit anim id est laborum Lorem ipsum dolor sit amet consectetur adipiscing elit sed do eiusmod tempor incididunt ut labore et dolore magna aliqua ut enim ad minim veniam quis nostrud exercitation ullamco laboris nisi ut aliquip ex ea commodo consequat duis aute irure dolor in reprehenderit in voluptate velit esse cillum dolore eu fugiat nulla pariatur excepteur sint occaecat cupidatat non proident sunt in culpa qui officia deserunt mollit anim id est laborum Lorem ipsum dolor sit amet consectetur adipiscing elit sed do eiusmod tempor incididunt ut labore et dolore magna aliqua ut enim ad minim veniam quis nostrud exercitation ullamco laboris nisi ut aliquip ex ea commodo consequat duis aute irure dolor in reprehenderit in voluptate velit esse cillum dolore eu fugiat nulla pariatur excepteur sint occaecat cupidatat non proident sunt in culpa qui officia deserunt mollit anim id est laborum
Deutsche im Auslande
Lorem ipsum dolor sit amet consectetur adipiscing elit sed do eiusmod tempor incididunt ut labore et dolore magna aliqua ut enim ad minim veniam quis nostrud exercitation ullamco laboris nisi ut aliquip ex ea commodo consequat duis aute irure dolor in reprehenderit in voluptate velit esse cillum dolore eu fugiat nulla pariatur excepteur sint occaecat cupidatat non proident sunt in culpa qui officia deserunt mollit anim id est laborum Lorem ipsum dolor sit amet consectetur adipiscing elit sed do eiusmod tempor incididunt ut labore et dolore magna aliqua ut enim ad minim veniam quis nostrud exercitation ullamco laboris nisi ut aliquip ex ea commodo consequat duis aute irure dolor in reprehenderit in voluptate velit esse cillum dolore eu fugiat nulla pariatur excepteur sint occaecat cupidatat non proident sunt in culpa qui officia deserunt mollit anim id est laborum Lorem ipsum dolor sit amet consectetur adipiscing elit sed do eiusmod tempor incididunt ut labore et dolore magna aliqua ut enim ad minim veniam quis nostrud exercitation ullamco laboris nisi ut aliquip ex ea commodo consequat duis aute irure dolor in reprehenderit in voluptate velit esse cillum dolore eu fugiat nulla pariatur excepteur sint occaecat cupidatat non proident sunt in culpa qui officia deserunt mollit anim id est laborum Lorem ipsum dolor sit amet consectetur adipiscing elit sed do eiusmod tempor incididunt ut labore et dolore magna aliqua ut enim ad minim veniam quis nostrud exercitation ullamco laboris nisi ut aliquip ex ea commodo consequat duis aute irure dolor in reprehenderit in voluptate velit esse cillum dolore eu fugiat nulla pariatur excepteur sint occaecat cupidatat non proident sunt in culpa qui officia deserunt mollit anim id est laborum
Lorem ipsum dolor sit amet consectetur adipiscing elit sed do eiusmod tempor incididunt ut labore et dolore magna aliqua ut enim ad minim veniam quis nostrud exercitation ullamco laboris nisi ut aliquip ex ea commodo consequat duis aute irure dolor in reprehenderit in voluptate velit esse cillum dolore eu fugiat nulla pariatur excepteur sint occaecat cupidatat non proident sunt in culpa qui officia deserunt mollit anim id est laborum Lorem ipsum dolor sit amet consectetur adipiscing elit sed do eiusmod tempor incididunt ut labore et dolore magna aliqua ut enim ad minim veniam quis nostrud exercitation ullamco laboris nisi ut aliquip ex ea commodo consequat duis aute irure dolor in reprehenderit in voluptate velit esse cillum dolore eu fugiat nulla pariatur excepteur sint occaecat cupidatat non proident sunt in culpa qui officia deserunt mollit anim id est laborum
Unsere Schulkinder
Lorem ipsum dolor sit amet consectetur adipiscing elit sed do eiusmod tempor incididunt ut labore et dolore magna aliqua ut enim ad minim veniam quis nostrud exercitation ullamco laboris nisi ut aliquip ex ea commodo consequat duis aute irure dolor in reprehenderit in voluptate velit esse cillum dolore eu fugiat nulla pariatur excepteur sint occaecat cupidatat non proident sunt in culpa qui officia deserunt mollit anim id est laborum Lorem ipsum dolor sit amet consectetur adipiscing elit sed do eiusmod tempor incididunt ut labore et dolore magna aliqua ut enim ad minim veniam quis nostrud exercitation ullamco laboris nisi ut aliquip ex ea commodo consequat duis aute irure dolor in reprehenderit in voluptate velit esse cillum dolore eu fugiat nulla pariatur excepteur sint occaecat cupidatat non proident sunt in culpa qui officia deserunt mollit anim id est laborum Lorem ipsum dolor sit amet consectetur adipiscing elit sed do eiusmod tempor incididunt ut labore et dolore magna aliqua ut enim ad minim veniam quis nostrud exercitation ullamco laboris nisi ut aliquip ex ea commodo consequat duis aute irure dolor in reprehenderit in voluptate velit esse cillum dolore eu fugiat nulla pariatur excepteur sint occaecat cupidatat non proident sunt in culpa qui officia deserunt mollit anim id est laborum
Lorem ipsum dolor sit amet consectetur adipiscing elit sed do eiusmod tempor incididunt ut labore et dolore magna aliqua ut enim ad minim veniam quis nostrud exercitation ullamco laboris nisi ut aliquip ex ea commodo consequat duis aute irure dolor in reprehenderit in voluptate velit esse cillum dolore eu fugiat nulla pariatur excepteur sint occaecat cupidatat non proident sunt in culpa qui officia deserunt mollit anim id est laborum Lorem ipsum dolor sit amet consectetur adipiscing elit sed do eiusmod tempor incididunt ut labore et dolore magna aliqua ut enim ad minim veniam quis nostrud exercitation ullamco laboris nisi ut aliquip ex ea commodo consequat duis aute irure dolor in reprehenderit in voluptate velit esse cillum dolore eu fugiat nulla pariatur excepteur sint occaecat cupidatat non proident sunt in culpa qui officia deserunt mollit anim id est laborum Lorem ipsum dolor sit amet consectetur adipiscing elit sed do eiusmod tempor incididunt ut labore et dolore magna aliqua ut enim ad minim veniam quis nostrud exercitation ullamco laboris nisi ut aliquip ex ea commodo consequat duis aute irure dolor in reprehenderit in voluptate velit esse cillum dolore eu fugiat nulla pariatur excepteur sint occaecat cupidatat non proident sunt in culpa qui officia deserunt mollit anim id est laborum Lorem ipsum dolor sit amet consectetur adipiscing elit sed do eiusmod tempor incididunt ut labore et dolore magna aliqua ut enim ad minim veniam quis nostrud exercitation ullamco laboris nisi ut aliquip ex ea commodo consequat duis aute irure dolor in reprehenderit in voluptate velit esse cillum dolore eu fugiat nulla pariatur excepteur sint occaecat cupidatat non proident sunt in culpa qui officia deserunt mollit anim id est laborum
Eingelaufen
Lorem ipsum dolor sit amet consectetur adipiscing elit sed do eiusmod tempor incididunt ut labore et dolore magna aliqua ut enim ad minim veniam quis nostrud exercitation ullamco laboris nisi ut aliquip ex ea commodo consequat duis aute irure dolor in reprehenderit in voluptate velit esse cillum dolore eu fugiat nulla pariatur excepteur sint occaecat cupidatat non proident sunt in culpa qui officia deserunt mollit anim id est laborum Lorem ipsum dolor sit amet consectetur adipiscing elit sed do eiusmod tempor incididunt ut labore et dolore magna aliqua ut enim ad minim veniam quis nostrud exercitation ullamco laboris nisi ut aliquip ex ea commodo consequat duis aute irure dolor in reprehenderit in voluptate velit esse cillum dolore eu fugiat nulla pariatur excepteur sint occaecat cupidatat non proident sunt in culpa qui officia deserunt mollit anim id est laborum
Lorem ipsum dolor sit amet consectetur adipiscing elit sed do eiusmod tempor incididunt ut labore et dolore magna aliqua ut enim ad minim veniam quis nostrud exercitation ullamco laboris nisi ut aliquip ex ea commodo consequat duis aute irure dolor in reprehenderit in voluptate velit esse cillum dolore eu fugiat nulla pariatur excepteur sint occaecat cupidatat non proident sunt in culpa qui officia deserunt mollit anim id est laborum Lorem ipsum dolor sit amet consectetur adipiscing elit sed do eiusmod tempor incididunt ut labore et dolore magna aliqua ut enim ad minim veniam quis nostrud exercitation ullamco laboris nisi ut aliquip ex ea commodo consequat duis aute irure dolor in reprehenderit in voluptate velit esse cillum dolore eu fugiat nulla pariatur excepteur sint occaecat cupidatat non proident sunt in culpa qui officia deserunt mollit anim id est laborum Lorem ipsum dolor sit amet consectetur adipiscing elit sed do eiusmod tempor incididunt ut labore et dolore magna aliqua ut enim ad minim veniam quis nostrud exercitation ullamco laboris nisi ut aliquip ex ea commodo consequat duis aute irure dolor in reprehenderit in voluptate velit esse cillum dolore eu fugiat nulla pariatur excepteur sint occaecat cupidatat non proident sunt in culpa qui officia deserunt mollit anim id est laborum
